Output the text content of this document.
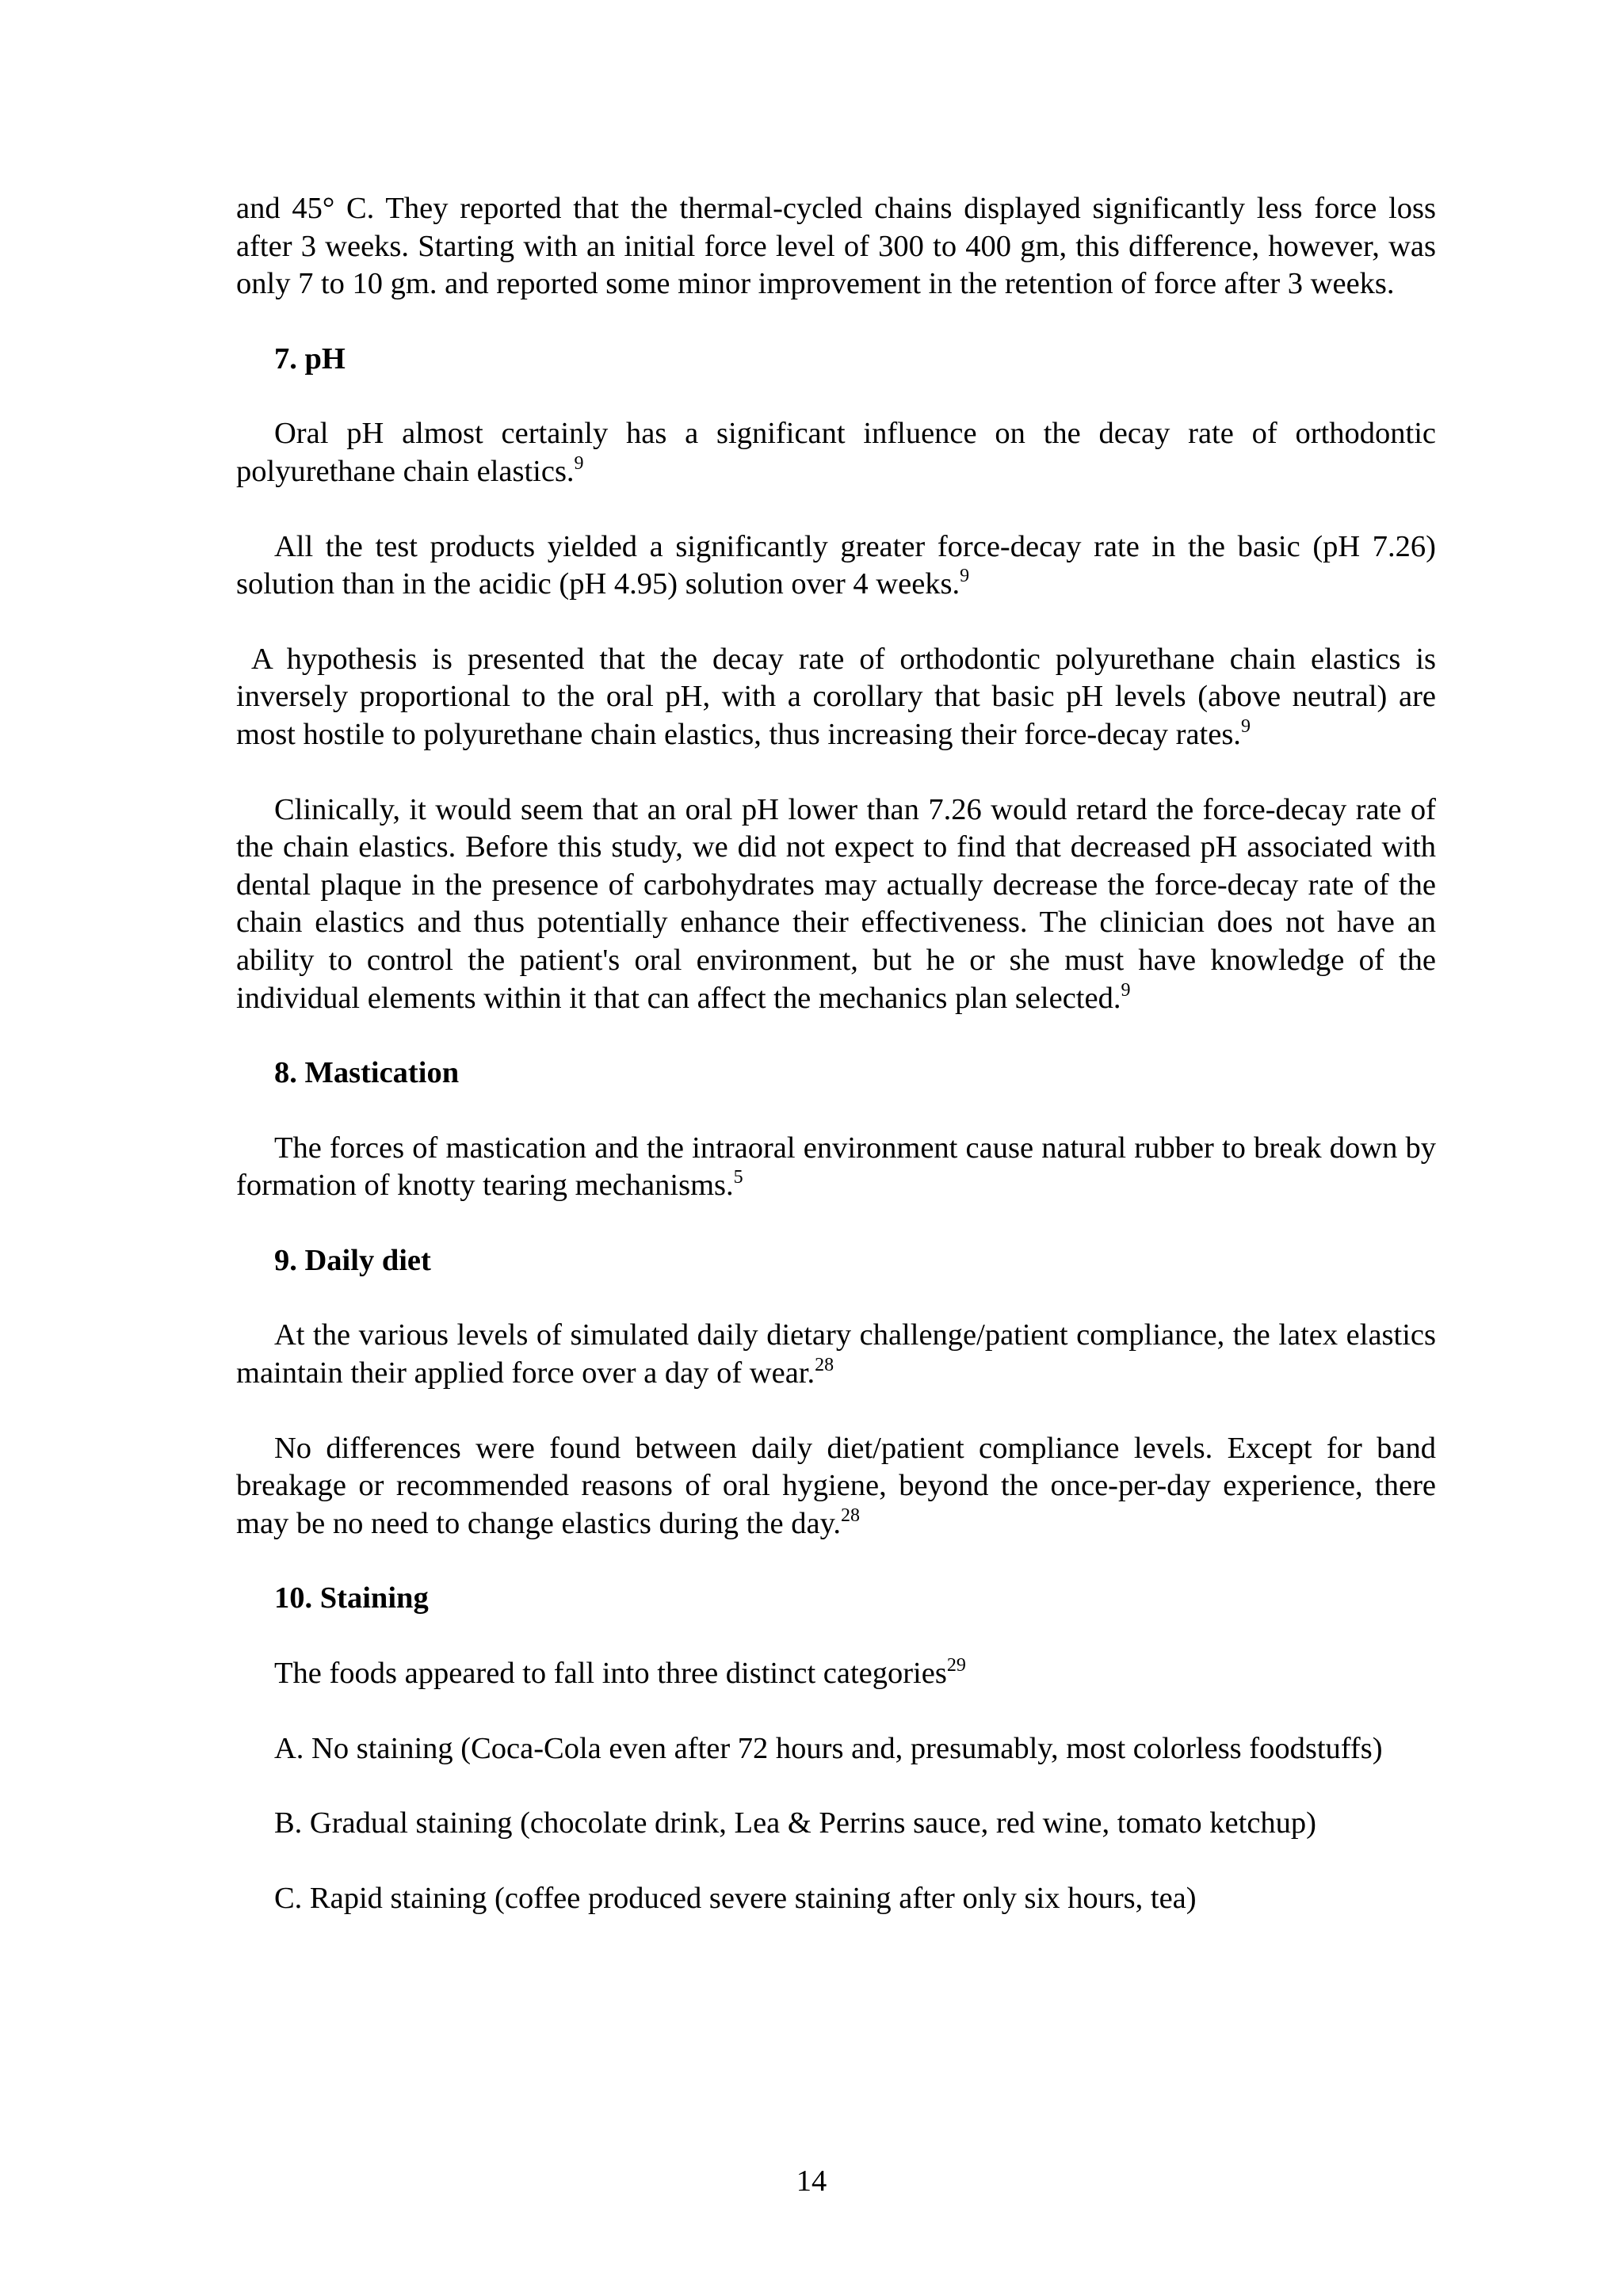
and 45° C. They reported that the thermal-cycled chains displayed significantly less force loss after 3 weeks. Starting with an initial force level of 300 to 400 gm, this difference, however, was only 7 to 10 gm. and reported some minor improvement in the retention of force after 3 weeks.

7. pH

Oral pH almost certainly has a significant influence on the decay rate of orthodontic polyurethane chain elastics.$^9$

All the test products yielded a significantly greater force-decay rate in the basic (pH 7.26) solution than in the acidic (pH 4.95) solution over 4 weeks.$^9$

A hypothesis is presented that the decay rate of orthodontic polyurethane chain elastics is inversely proportional to the oral pH, with a corollary that basic pH levels (above neutral) are most hostile to polyurethane chain elastics, thus increasing their force-decay rates.$^9$

Clinically, it would seem that an oral pH lower than 7.26 would retard the force-decay rate of the chain elastics. Before this study, we did not expect to find that decreased pH associated with dental plaque in the presence of carbohydrates may actually decrease the force-decay rate of the chain elastics and thus potentially enhance their effectiveness. The clinician does not have an ability to control the patient's oral environment, but he or she must have knowledge of the individual elements within it that can affect the mechanics plan selected.$^9$

8. Mastication

The forces of mastication and the intraoral environment cause natural rubber to break down by formation of knotty tearing mechanisms.$^5$

9. Daily diet

At the various levels of simulated daily dietary challenge/patient compliance, the latex elastics maintain their applied force over a day of wear.$^{28}$

No differences were found between daily diet/patient compliance levels. Except for band breakage or recommended reasons of oral hygiene, beyond the once-per-day experience, there may be no need to change elastics during the day.$^{28}$

10. Staining

The foods appeared to fall into three distinct categories$^{29}$

A. No staining (Coca-Cola even after 72 hours and, presumably, most colorless foodstuffs)

B. Gradual staining (chocolate drink, Lea & Perrins sauce, red wine, tomato ketchup)

C. Rapid staining (coffee produced severe staining after only six hours, tea)

14
